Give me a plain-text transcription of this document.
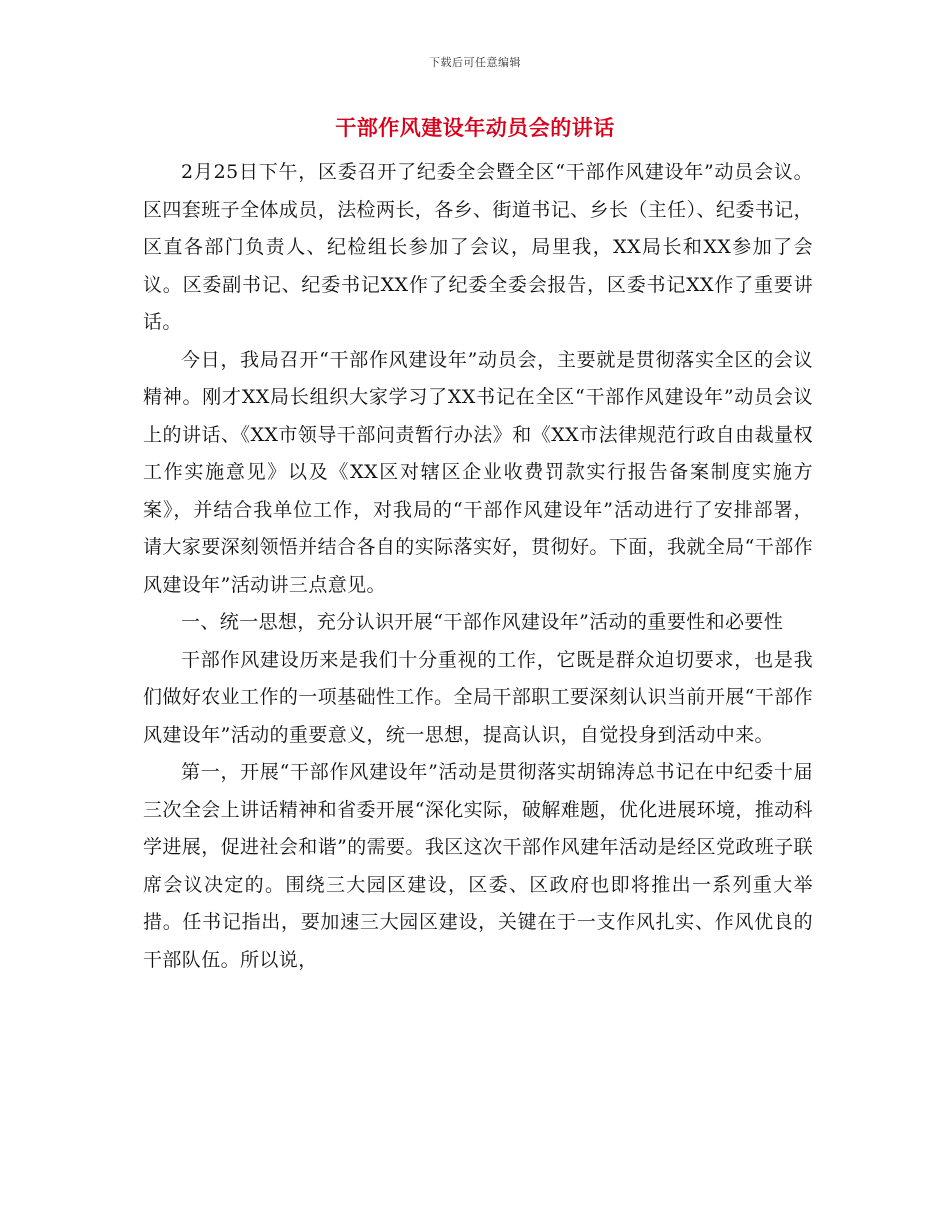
下载后可任意编辑
干部作风建设年动员会的讲话

2月25日下午，区委召开了纪委全会暨全区“干部作风建设年”动员会议。区四套班子全体成员，法检两长，各乡、街道书记、乡长（主任）、纪委书记，区直各部门负责人、纪检组长参加了会议，局里我，XX局长和XX参加了会议。区委副书记、纪委书记XX作了纪委全委会报告，区委书记XX作了重要讲话。

今日，我局召开“干部作风建设年”动员会，主要就是贯彻落实全区的会议精神。刚才XX局长组织大家学习了XX书记在全区“干部作风建设年”动员会议上的讲话、《XX市领导干部问责暂行办法》和《XX市法律规范行政自由裁量权工作实施意见》以及《XX区对辖区企业收费罚款实行报告备案制度实施方案》，并结合我单位工作，对我局的“干部作风建设年”活动进行了安排部署，请大家要深刻领悟并结合各自的实际落实好，贯彻好。下面，我就全局“干部作风建设年”活动讲三点意见。

一、统一思想，充分认识开展“干部作风建设年”活动的重要性和必要性

干部作风建设历来是我们十分重视的工作，它既是群众迫切要求，也是我们做好农业工作的一项基础性工作。全局干部职工要深刻认识当前开展“干部作风建设年”活动的重要意义，统一思想，提高认识，自觉投身到活动中来。

第一，开展“干部作风建设年”活动是贯彻落实胡锦涛总书记在中纪委十届三次全会上讲话精神和省委开展“深化实际，破解难题，优化进展环境，推动科学进展，促进社会和谐”的需要。我区这次干部作风建年活动是经区党政班子联席会议决定的。围绕三大园区建设，区委、区政府也即将推出一系列重大举措。任书记指出，要加速三大园区建设，关键在于一支作风扎实、作风优良的干部队伍。所以说，
